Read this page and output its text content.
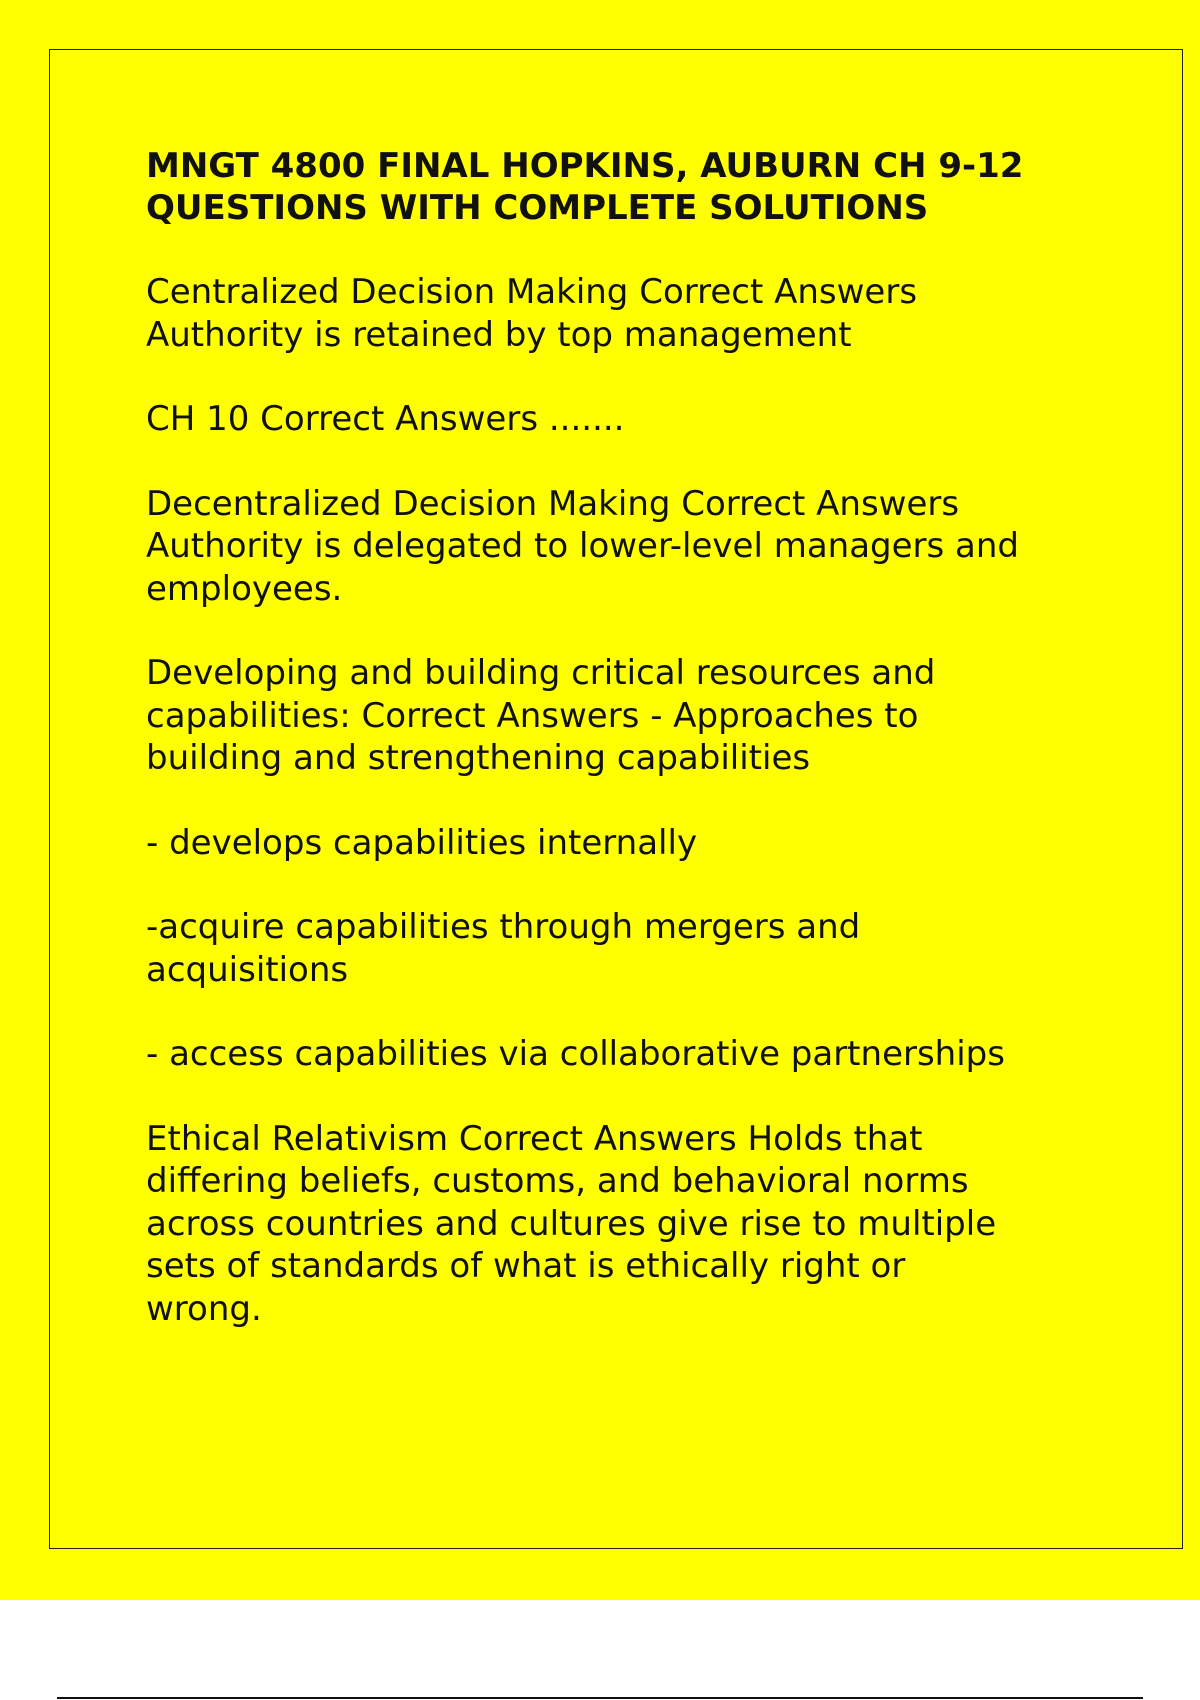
MNGT 4800 FINAL HOPKINS, AUBURN CH 9-12
QUESTIONS WITH COMPLETE SOLUTIONS
Centralized Decision Making Correct Answers
Authority is retained by top management
CH 10 Correct Answers .......
Decentralized Decision Making Correct Answers
Authority is delegated to lower-level managers and
employees.
Developing and building critical resources and
capabilities: Correct Answers - Approaches to
building and strengthening capabilities
- develops capabilities internally
-acquire capabilities through mergers and
acquisitions
- access capabilities via collaborative partnerships
Ethical Relativism Correct Answers Holds that
differing beliefs, customs, and behavioral norms
across countries and cultures give rise to multiple
sets of standards of what is ethically right or
wrong.
